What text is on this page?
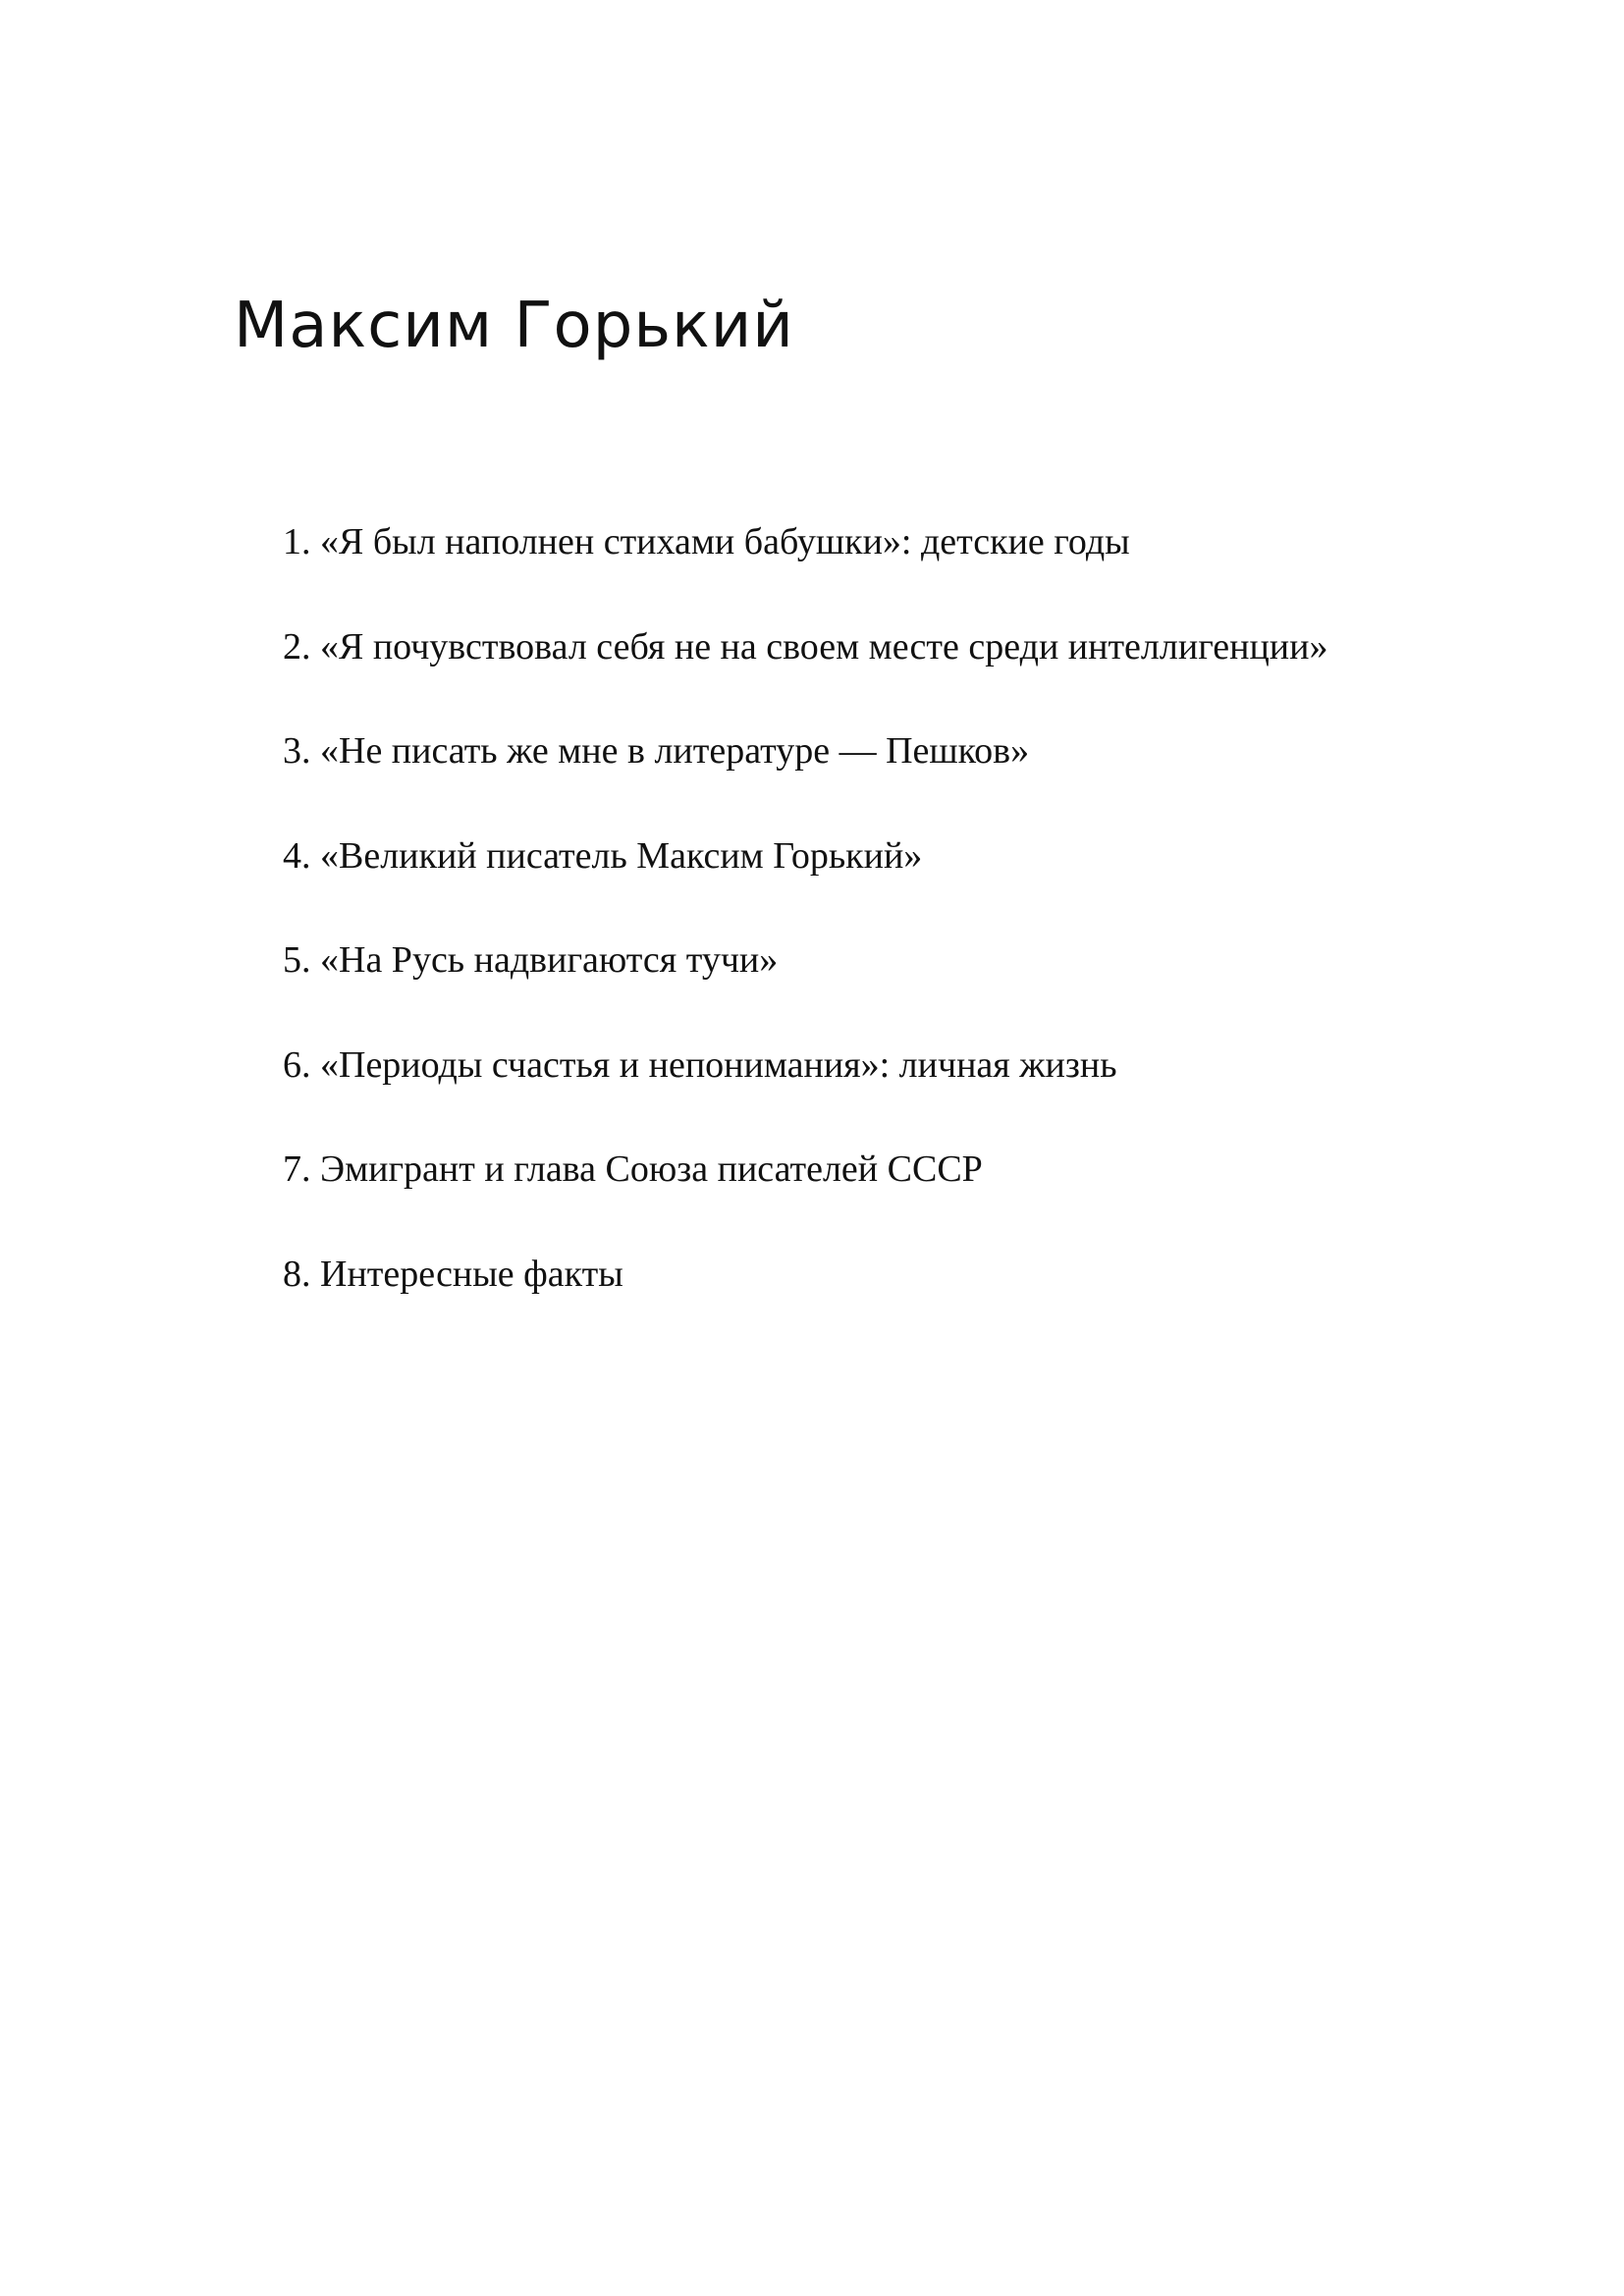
Максим Горький
1. «Я был наполнен стихами бабушки»: детские годы
2. «Я почувствовал себя не на своем месте среди интеллигенции»
3. «Не писать же мне в литературе — Пешков»
4. «Великий писатель Максим Горький»
5. «На Русь надвигаются тучи»
6. «Периоды счастья и непонимания»: личная жизнь
7. Эмигрант и глава Союза писателей СССР
8. Интересные факты
